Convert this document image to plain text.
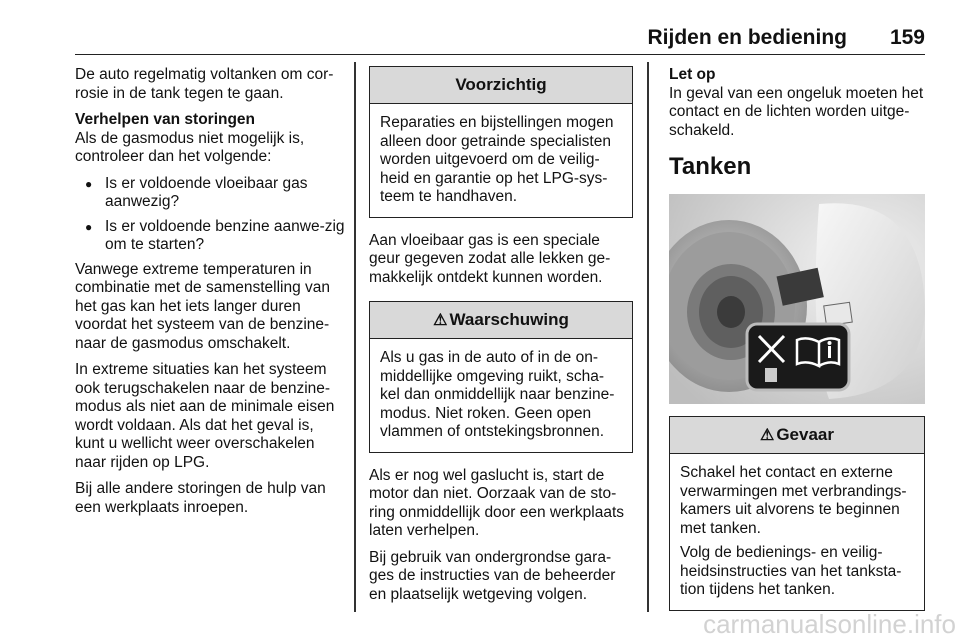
Rijden en bediening 159

De auto regelmatig voltanken om cor-rosie in de tank tegen te gaan.

Verhelpen van storingen

Als de gasmodus niet mogelijk is, controleer dan het volgende:

● Is er voldoende vloeibaar gas aanwezig?
● Is er voldoende benzine aanwe-zig om te starten?

Vanwege extreme temperaturen in combinatie met de samenstelling van het gas kan het iets langer duren voordat het systeem van de benzine-naar de gasmodus omschakelt.

In extreme situaties kan het systeem ook terugschakelen naar de benzine-modus als niet aan de minimale eisen wordt voldaan. Als dat het geval is, kunt u wellicht weer overschakelen naar rijden op LPG.

Bij alle andere storingen de hulp van een werkplaats inroepen.

Voorzichtig

Reparaties en bijstellingen mogen alleen door getrainde specialisten worden uitgevoerd om de veilig-heid en garantie op het LPG-sys-teem te handhaven.

Aan vloeibaar gas is een speciale geur gegeven zodat alle lekken ge-makkelijk ontdekt kunnen worden.

⚠ Waarschuwing

Als u gas in de auto of in de on-middellijke omgeving ruikt, scha-kel dan onmiddellijk naar benzine-modus. Niet roken. Geen open vlammen of ontstekingsbronnen.

Als er nog wel gaslucht is, start de motor dan niet. Oorzaak van de sto-ring onmiddellijk door een werkplaats laten verhelpen.

Bij gebruik van ondergrondse gara-ges de instructies van de beheerder en plaatselijk wetgeving volgen.

Let op

In geval van een ongeluk moeten het contact en de lichten worden uitge-schakeld.

Tanken
⚠ Gevaar

Schakel het contact en externe verwarmingen met verbrandings-kamers uit alvorens te beginnen met tanken.

Volg de bedienings- en veilig-heidsinstructies van het tanksta-tion tijdens het tanken.

carmanualsonline.info
